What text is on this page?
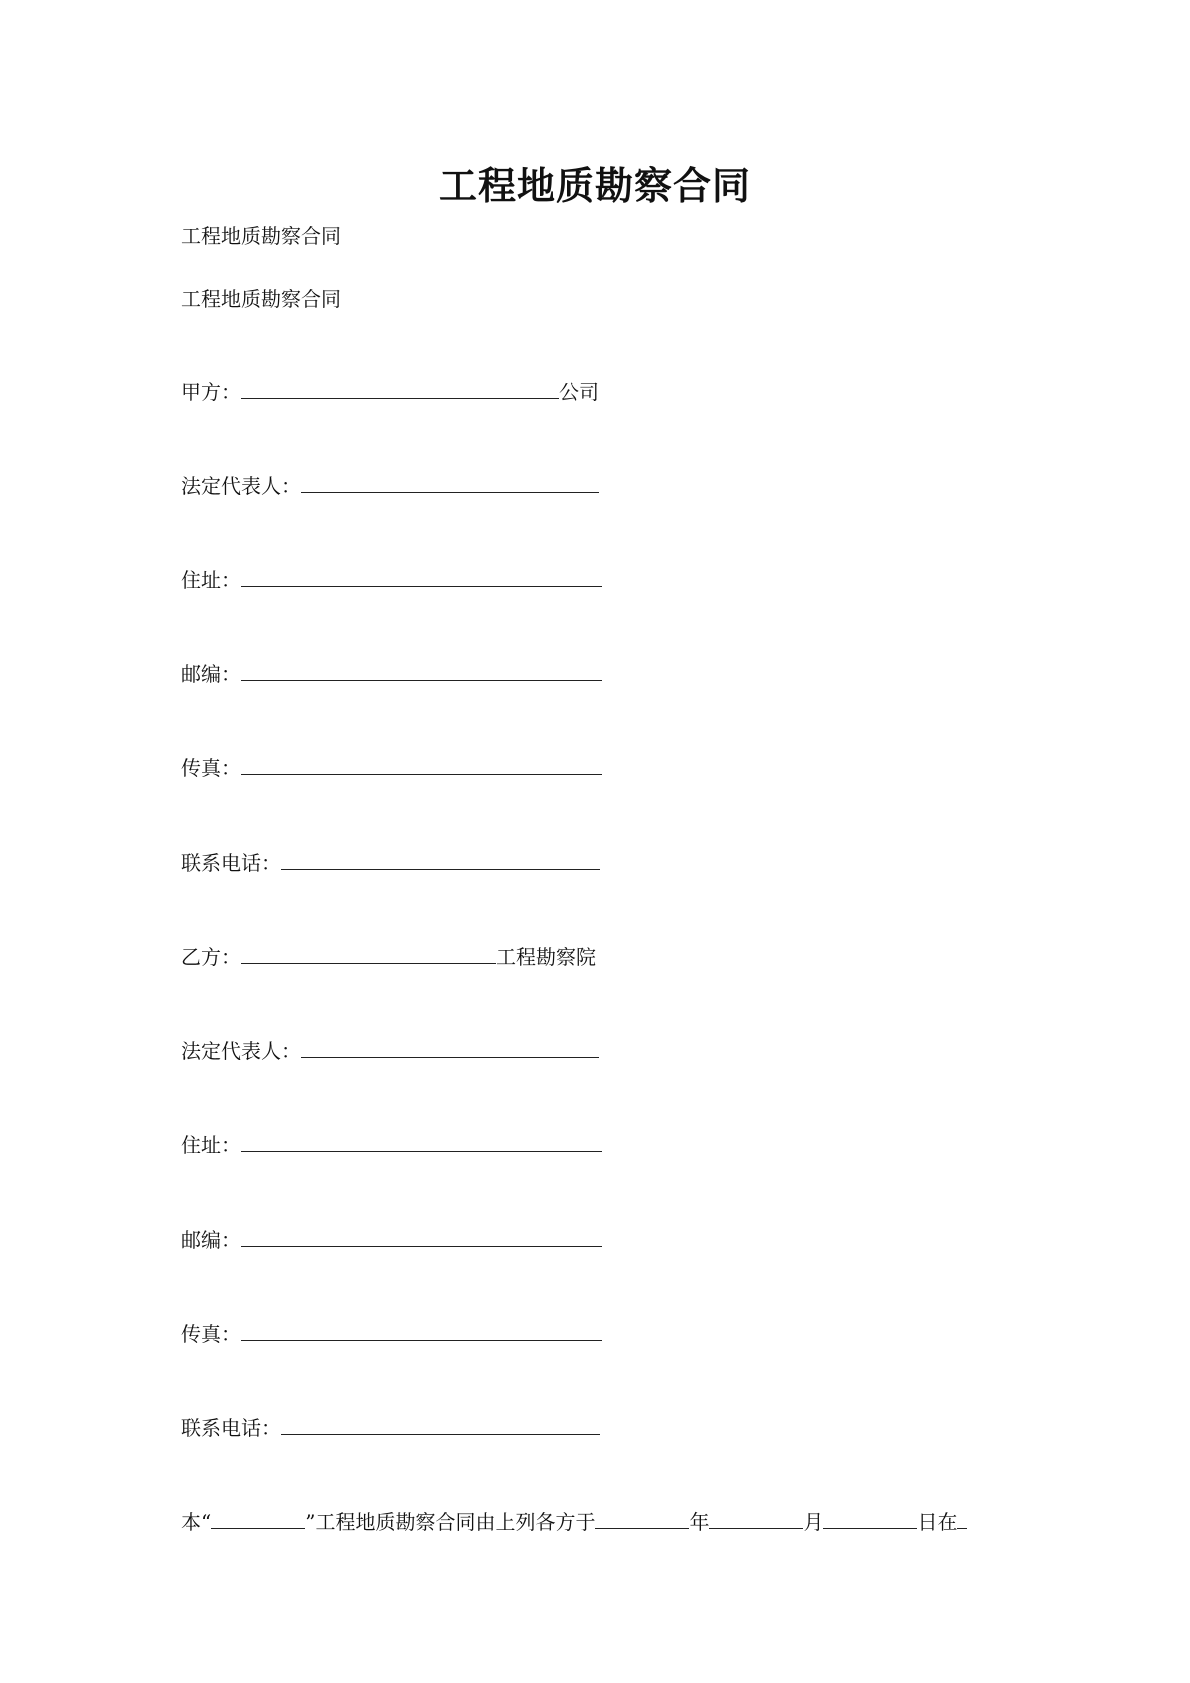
工程地质勘察合同
工程地质勘察合同
工程地质勘察合同
甲方：	公司
法定代表人：
住址：
邮编：
传真：
联系电话：
乙方：	工程勘察院
法定代表人：
住址：
邮编：
传真：
联系电话：
本“	”工程地质勘察合同由上列各方于	年	月	日在
